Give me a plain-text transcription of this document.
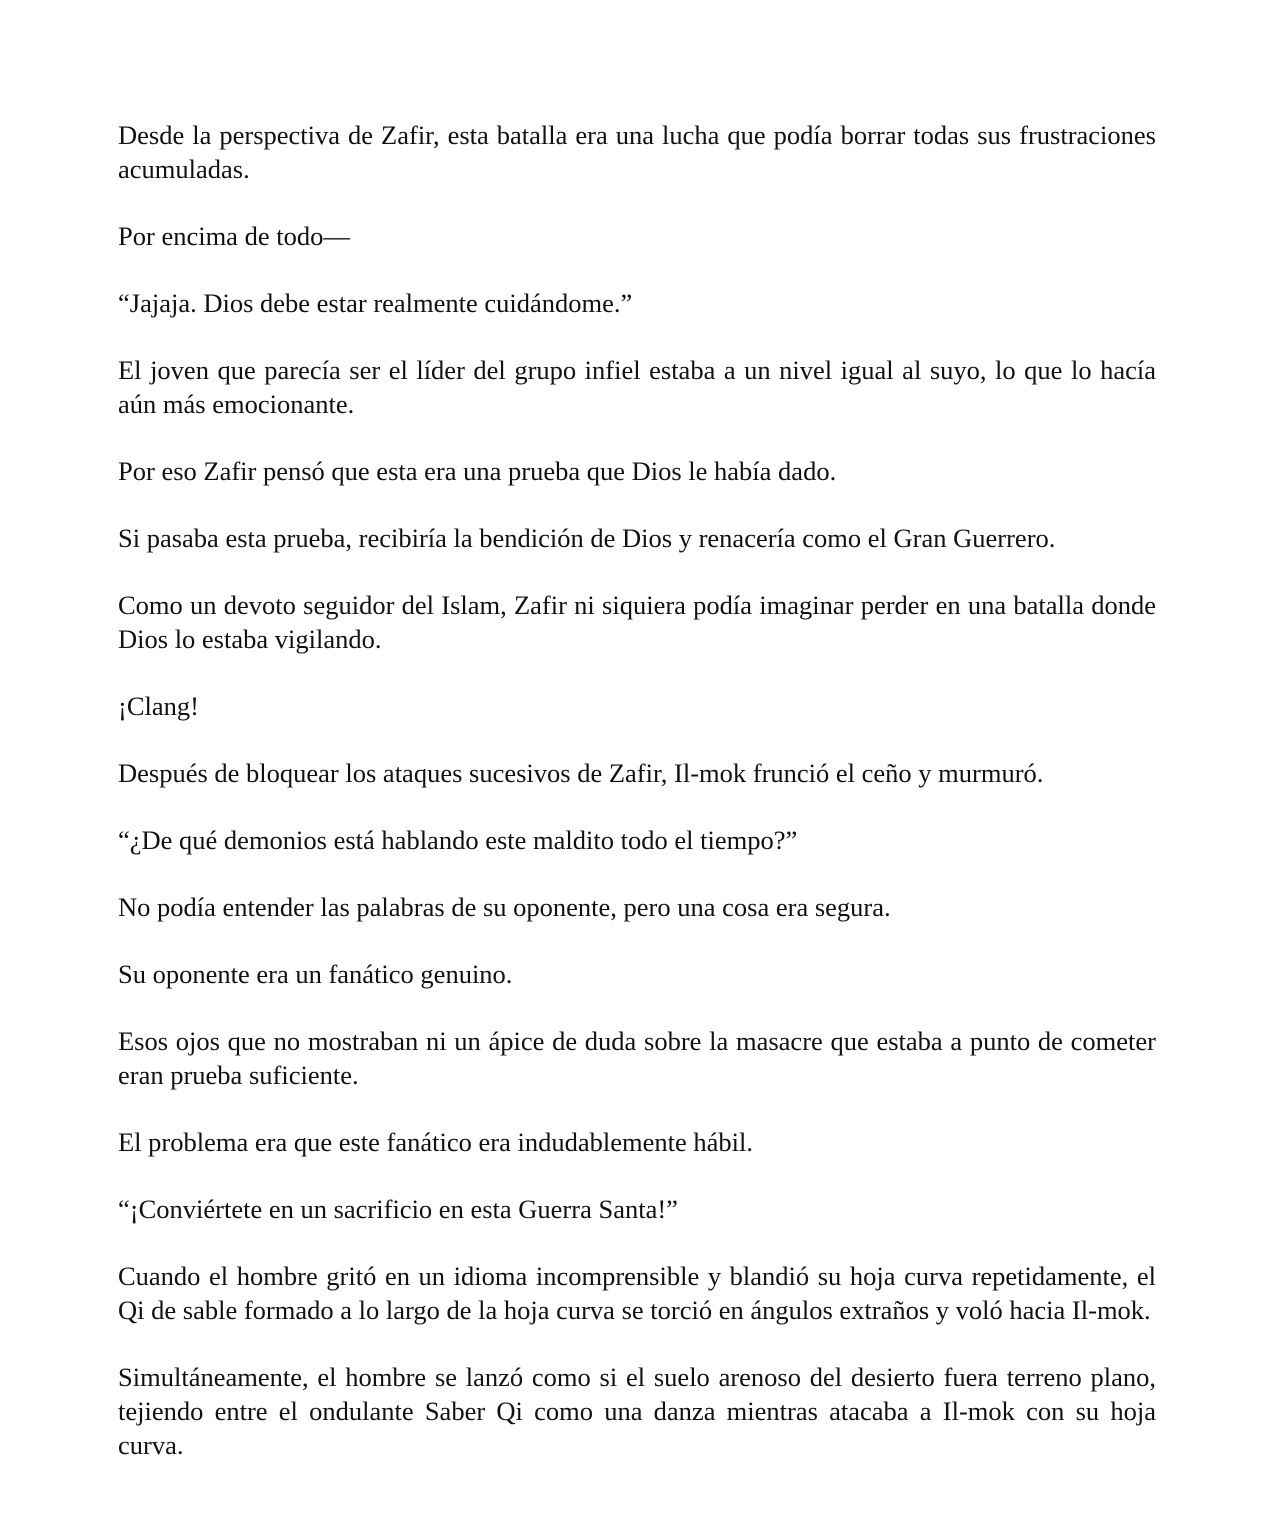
Desde la perspectiva de Zafir, esta batalla era una lucha que podía borrar todas sus frustraciones acumuladas.

Por encima de todo—

“Jajaja. Dios debe estar realmente cuidándome.”

El joven que parecía ser el líder del grupo infiel estaba a un nivel igual al suyo, lo que lo hacía aún más emocionante.

Por eso Zafir pensó que esta era una prueba que Dios le había dado.

Si pasaba esta prueba, recibiría la bendición de Dios y renacería como el Gran Guerrero.

Como un devoto seguidor del Islam, Zafir ni siquiera podía imaginar perder en una batalla donde Dios lo estaba vigilando.

¡Clang!

Después de bloquear los ataques sucesivos de Zafir, Il-mok frunció el ceño y murmuró.

“¿De qué demonios está hablando este maldito todo el tiempo?”

No podía entender las palabras de su oponente, pero una cosa era segura.

Su oponente era un fanático genuino.

Esos ojos que no mostraban ni un ápice de duda sobre la masacre que estaba a punto de cometer eran prueba suficiente.

El problema era que este fanático era indudablemente hábil.

“¡Conviértete en un sacrificio en esta Guerra Santa!”

Cuando el hombre gritó en un idioma incomprensible y blandió su hoja curva repetidamente, el Qi de sable formado a lo largo de la hoja curva se torció en ángulos extraños y voló hacia Il-mok.

Simultáneamente, el hombre se lanzó como si el suelo arenoso del desierto fuera terreno plano, tejiendo entre el ondulante Saber Qi como una danza mientras atacaba a Il-mok con su hoja curva.
